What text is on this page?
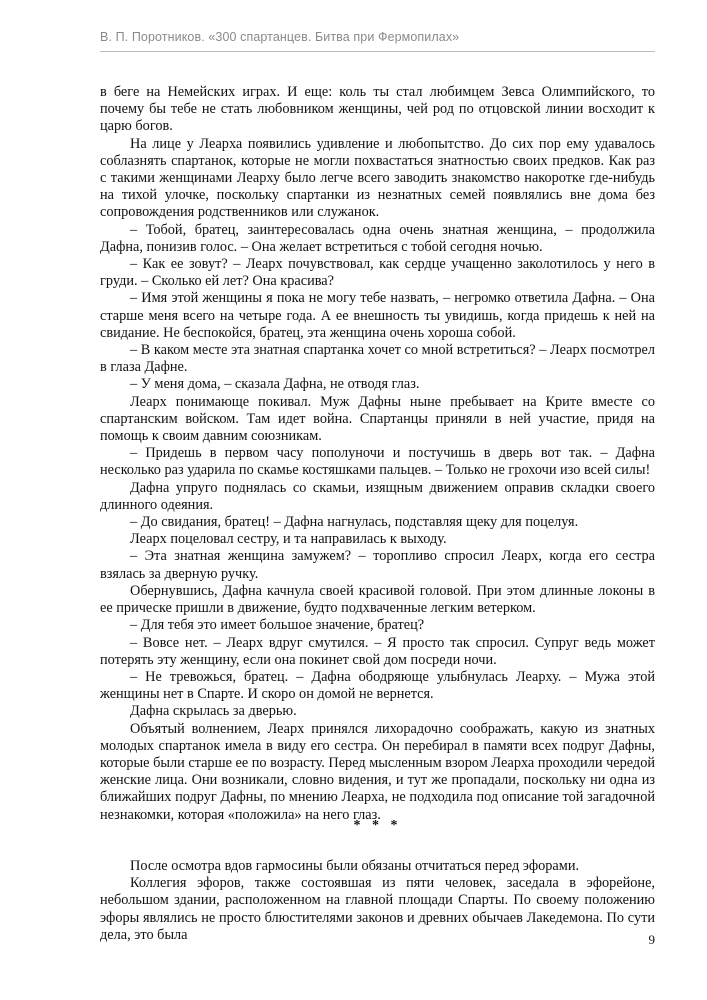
В. П. Поротников. «300 спартанцев. Битва при Фермопилах»

в беге на Немейских играх. И еще: коль ты стал любимцем Зевса Олимпийского, то почему бы тебе не стать любовником женщины, чей род по отцовской линии восходит к царю богов.

На лице у Леарха появились удивление и любопытство. До сих пор ему удавалось соблазнять спартанок, которые не могли похвастаться знатностью своих предков. Как раз с такими женщинами Леарху было легче всего заводить знакомство накоротке где-нибудь на тихой улочке, поскольку спартанки из незнатных семей появлялись вне дома без сопровождения родственников или служанок.

– Тобой, братец, заинтересовалась одна очень знатная женщина, – продолжила Дафна, понизив голос. – Она желает встретиться с тобой сегодня ночью.

– Как ее зовут? – Леарх почувствовал, как сердце учащенно заколотилось у него в груди. – Сколько ей лет? Она красива?

– Имя этой женщины я пока не могу тебе назвать, – негромко ответила Дафна. – Она старше меня всего на четыре года. А ее внешность ты увидишь, когда придешь к ней на свидание. Не беспокойся, братец, эта женщина очень хороша собой.

– В каком месте эта знатная спартанка хочет со мной встретиться? – Леарх посмотрел в глаза Дафне.

– У меня дома, – сказала Дафна, не отводя глаз.

Леарх понимающе покивал. Муж Дафны ныне пребывает на Крите вместе со спартанским войском. Там идет война. Спартанцы приняли в ней участие, придя на помощь к своим давним союзникам.

– Придешь в первом часу пополуночи и постучишь в дверь вот так. – Дафна несколько раз ударила по скамье костяшками пальцев. – Только не грохочи изо всей силы!

Дафна упруго поднялась со скамьи, изящным движением оправив складки своего длинного одеяния.

– До свидания, братец! – Дафна нагнулась, подставляя щеку для поцелуя.

Леарх поцеловал сестру, и та направилась к выходу.

– Эта знатная женщина замужем? – торопливо спросил Леарх, когда его сестра взялась за дверную ручку.

Обернувшись, Дафна качнула своей красивой головой. При этом длинные локоны в ее прическе пришли в движение, будто подхваченные легким ветерком.

– Для тебя это имеет большое значение, братец?

– Вовсе нет. – Леарх вдруг смутился. – Я просто так спросил. Супруг ведь может потерять эту женщину, если она покинет свой дом посреди ночи.

– Не тревожься, братец. – Дафна ободряюще улыбнулась Леарху. – Мужа этой женщины нет в Спарте. И скоро он домой не вернется.

Дафна скрылась за дверью.

Объятый волнением, Леарх принялся лихорадочно соображать, какую из знатных молодых спартанок имела в виду его сестра. Он перебирал в памяти всех подруг Дафны, которые были старше ее по возрасту. Перед мысленным взором Леарха проходили чередой женские лица. Они возникали, словно видения, и тут же пропадали, поскольку ни одна из ближайших подруг Дафны, по мнению Леарха, не подходила под описание той загадочной незнакомки, которая «положила» на него глаз.

* * *

После осмотра вдов гармосины были обязаны отчитаться перед эфорами.

Коллегия эфоров, также состоявшая из пяти человек, заседала в эфорейоне, небольшом здании, расположенном на главной площади Спарты. По своему положению эфоры являлись не просто блюстителями законов и древних обычаев Лакедемона. По сути дела, это была	9
